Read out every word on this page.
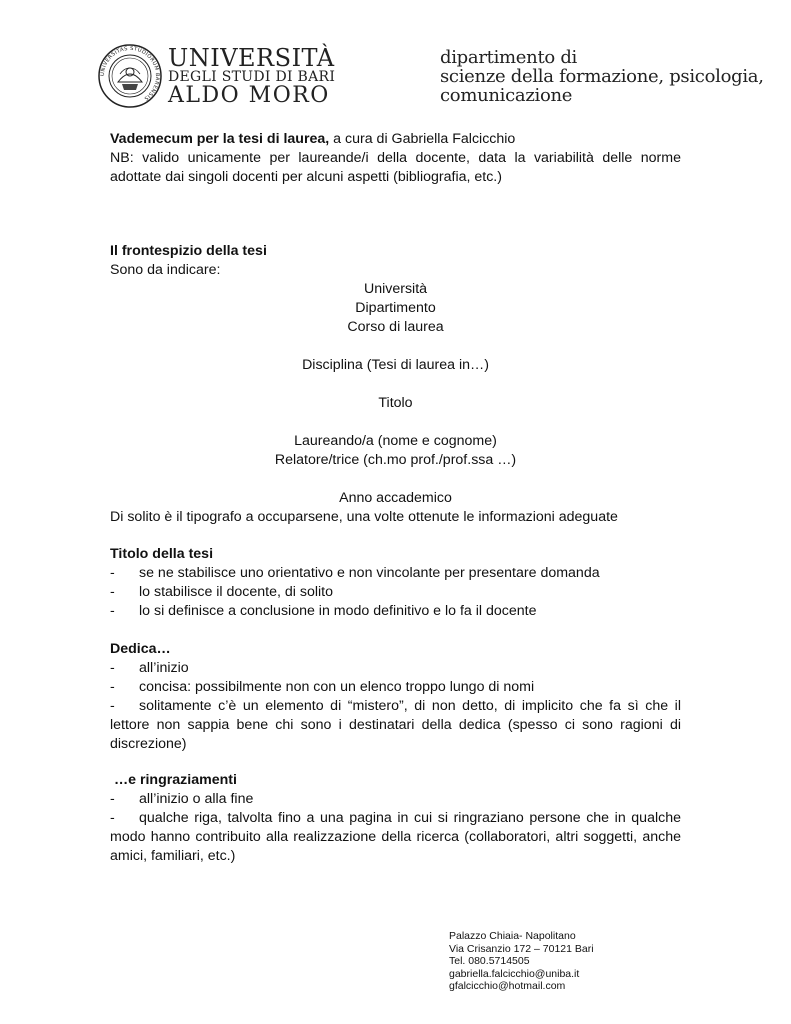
UNIVERSITAS STUDIORUM BARENSIS
UNIVERSITÀ
DEGLI STUDI DI BARI
ALDO MORO
dipartimento di
scienze della formazione, psicologia,
comunicazione

Vademecum per la tesi di laurea, a cura di Gabriella Falcicchio

NB: valido unicamente per laureande/i della docente, data la variabilità delle norme adottate dai singoli docenti per alcuni aspetti (bibliografia, etc.)

Il frontespizio della tesi

Sono da indicare:

Università

Dipartimento

Corso di laurea

Disciplina (Tesi di laurea in…)

Titolo

Laureando/a (nome e cognome)

Relatore/trice (ch.mo prof./prof.ssa …)

Anno accademico

Di solito è il tipografo a occuparsene, una volte ottenute le informazioni adeguate

Titolo della tesi

-	se ne stabilisce uno orientativo e non vincolante per presentare domanda
-	lo stabilisce il docente, di solito
-	lo si definisce a conclusione in modo definitivo e lo fa il docente

Dedica…

-	all’inizio
-	concisa: possibilmente non con un elenco troppo lungo di nomi

- solitamente c’è un elemento di “mistero”, di non detto, di implicito che fa sì che il lettore non sappia bene chi sono i destinatari della dedica (spesso ci sono ragioni di discrezione)

…e ringraziamenti

-	all’inizio o alla fine

- qualche riga, talvolta fino a una pagina in cui si ringraziano persone che in qualche modo hanno contribuito alla realizzazione della ricerca (collaboratori, altri soggetti, anche amici, familiari, etc.)

Palazzo Chiaia- Napolitano
Via Crisanzio 172 – 70121 Bari
Tel. 080.5714505
gabriella.falcicchio@uniba.it
gfalcicchio@hotmail.com
